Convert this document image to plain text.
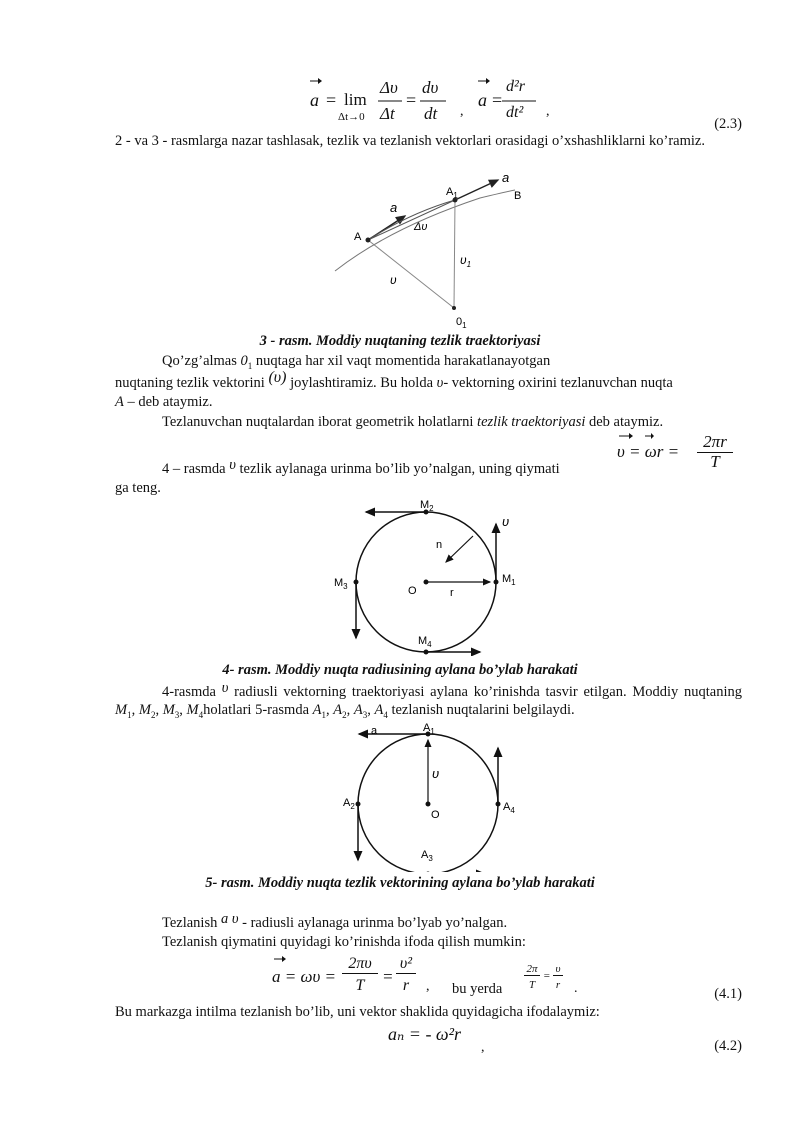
a = lim
Δt→0
Δυ
Δt
=
dυ
dt ,
a =
d²r
dt² ,
(2.3)
2 - va 3 - rasmlarga nazar tashlasak, tezlik va tezlanish vektorlari orasidagi o’xshashliklarni ko’ramiz.
a
$A_1$	B
a
Δυ
A
$\upsilon_1$
υ
$0_1$
3 - rasm. Moddiy nuqtaning tezlik traektoriyasi
Qo’zg’almas $0_1$ nuqtaga har xil vaqt momentida harakatlanayotgan
nuqtaning tezlik vektorini (υ) joylashtiramiz. Bu holda υ- vektorning oxirini tezlanuvchan nuqta
A – deb ataymiz.
Tezlanuvchan nuqtalardan iborat geometrik holatlarni tezlik traektoriyasi deb ataymiz.
4 – rasmda υ tezlik aylanaga urinma bo’lib yo’nalgan, uning qiymati
υ = ωr =
2πr
T
ga teng.
$M_2$
υ
n
$M_3$	O	r
$M_1$
$M_4$
4- rasm. Moddiy nuqta radiusining aylana bo’ylab harakati
4-rasmda υ radiusli vektorning traektoriyasi aylana ko’rinishda tasvir etilgan. Moddiy nuqtaning $M_1$, $M_2$, $M_3$, $M_4holatlari$ 5-rasmda $A_1$, $A_2$, $A_3$, $A_4$ tezlanish nuqtalarini belgilaydi.
a	$A_1$
υ
$A_2$
O
$A_4$
$A_3$
5- rasm. Moddiy nuqta tezlik vektorining aylana bo’ylab harakati
Tezlanish a υ - radiusli aylanaga urinma bo’lyab yo’nalgan.
Tezlanish qiymatini quyidagi ko’rinishda ifoda qilish mumkin:
a = ωυ =
2πυ
T	=
υ²
r	, bu yerda
2π
T
=
υ
r .	(4.1)
Bu markazga intilma tezlanish bo’lib, uni vektor shaklida quyidagicha ifodalaymiz:
aₙ = - ω²r
,	(4.2)
